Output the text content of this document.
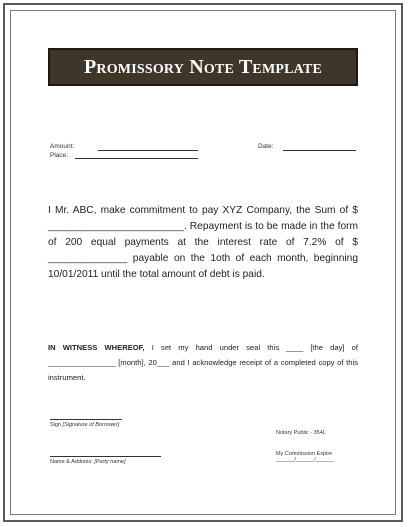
Promissory Note Template
Amount:
Place:
Date:
I Mr. ABC, make commitment to pay XYZ Company, the Sum of $ ________________________. Repayment is to be made in the form of 200 equal payments at the interest rate of 7.2% of $ ______________ payable on the 1oth of each month, beginning 10/01/2011 until the total amount of debt is paid.
IN WITNESS WHEREOF, I set my hand under seal this ____ [the day] of ________________ [month], 20___ and I acknowledge receipt of a completed copy of this instrument.
Sign [Signature of Borrower]
Name & Address: [Party name]
Notary Public - 354L
My Commission Expire
______/______/______
